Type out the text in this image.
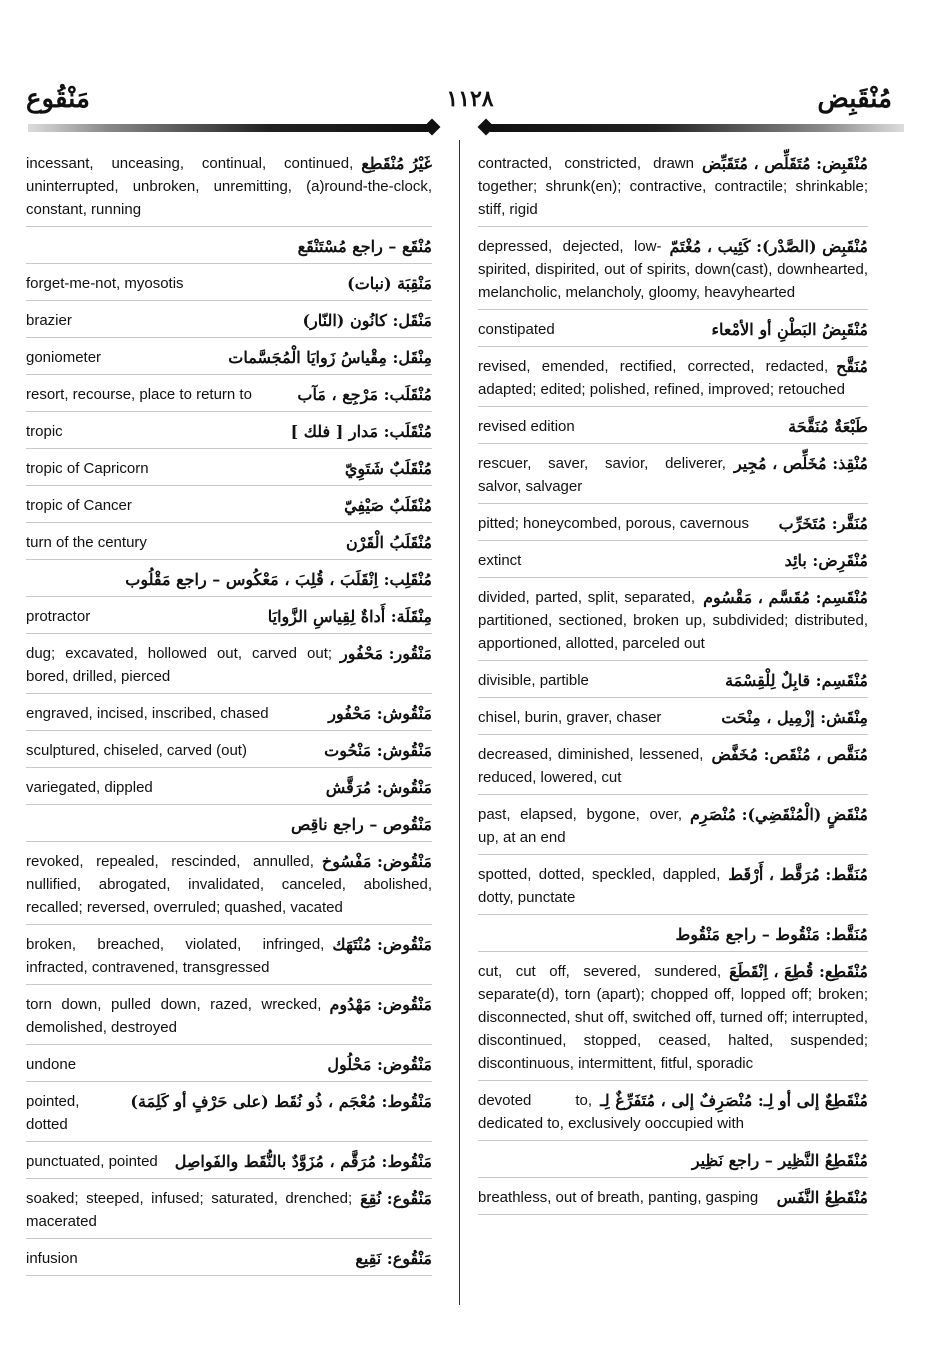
مَنْقُوع	١١٢٨	مُنْقَبِض
غَيْرُ مُنْقَطِع
incessant, unceasing, continual, continued, uninterrupted, unbroken, unremitting, (a)round-the-clock, constant, running
مُنْقَع – راجع مُسْتَنْقَع
مَنْقِبَة (نبات)
forget-me-not, myosotis
مَنْقَل: كانُون (النّار)
brazier
مِنْقَل: مِقْياسُ زَوايَا الْمُجَسَّمات
goniometer
مُنْقَلَب: مَرْجِع ، مَآب
resort, recourse, place to return to
مُنْقَلَب: مَدار [ فلك ]
tropic
مُنْقَلَبٌ شَتَوِيّ
tropic of Capricorn
مُنْقَلَبٌ صَيْفِيّ
tropic of Cancer
مُنْقَلَبُ الْقَرْن
turn of the century
مُنْقَلِب: اِنْقَلَبَ ، قُلِبَ ، مَعْكُوس – راجع مَقْلُوب
مِنْقَلَة: أَداةٌ لِقِياسِ الزَّوايَا
protractor
مَنْقُور: مَحْفُور
dug; excavated, hollowed out, carved out; bored, drilled, pierced
مَنْقُوش: مَحْفُور
engraved, incised, inscribed, chased
مَنْقُوش: مَنْحُوت
sculptured, chiseled, carved (out)
مَنْقُوش: مُرَقَّش
variegated, dippled
مَنْقُوص – راجع ناقِص
مَنْقُوض: مَفْسُوخ
revoked, repealed, rescinded, annulled, nullified, abrogated, invalidated, canceled, abolished, recalled; reversed, overruled; quashed, vacated
مَنْقُوض: مُنْتَهَك
broken, breached, violated, infringed, infracted, contravened, transgressed
مَنْقُوض: مَهْدُوم
torn down, pulled down, razed, wrecked, demolished, destroyed
مَنْقُوض: مَحْلُول
undone
مَنْقُوط: مُعْجَم ، ذُو نُقَط (على حَرْفٍ أو كَلِمَة)
pointed, dotted
مَنْقُوط: مُرَقَّم ، مُزَوَّدٌ بالنُّقَط والفَواصِل
punctuated, pointed
مَنْقُوع: نُقِعَ
soaked; steeped, infused; saturated, drenched; macerated
مَنْقُوع: نَقِيع
infusion
مُنْقَبِض: مُتَقَلِّص ، مُتَقَبِّض
contracted, constricted, drawn together; shrunk(en); contractive, contractile; shrinkable; stiff, rigid
مُنْقَبِض (الصَّدْر): كَئِيب ، مُغْتَمّ
depressed, dejected, low-spirited, dispirited, out of spirits, down(cast), downhearted, melancholic, melancholy, gloomy, heavyhearted
مُنْقَبِضُ البَطْنِ أو الأمْعاء
constipated
مُنَقَّح
revised, emended, rectified, corrected, redacted, adapted; edited; polished, refined, improved; retouched
طَبْعَةٌ مُنَقَّحَة
revised edition
مُنْقِذ: مُخَلِّص ، مُجِير
rescuer, saver, savior, deliverer, salvor, salvager
مُنَقَّر: مُتَخَرِّب
pitted; honeycombed, porous, cavernous
مُنْقَرِض: بائِد
extinct
مُنْقَسِم: مُقَسَّم ، مَقْسُوم
divided, parted, split, separated, partitioned, sectioned, broken up, subdivided; distributed, apportioned, allotted, parceled out
مُنْقَسِم: قابِلٌ لِلْقِسْمَة
divisible, partible
مِنْقَش: إزْمِيل ، مِنْحَت
chisel, burin, graver, chaser
مُنَقَّص ، مُنْقَص: مُخَفَّض
decreased, diminished, lessened, reduced, lowered, cut
مُنْقَضٍ (الْمُنْقَضِي): مُنْصَرِم
past, elapsed, bygone, over, up, at an end
مُنَقَّط: مُرَقَّط ، أَرْقَط
spotted, dotted, speckled, dappled, dotty, punctate
مُنَقَّط: مَنْقُوط – راجع مَنْقُوط
مُنْقَطِع: قُطِعَ ، اِنْقَطَعَ
cut, cut off, severed, sundered, separate(d), torn (apart); chopped off, lopped off; broken; disconnected, shut off, switched off, turned off; interrupted, discontinued, stopped, ceased, halted, suspended; discontinuous, intermittent, fitful, sporadic
مُنْقَطِعٌ إلى أو لِـ: مُنْصَرِفٌ إلى ، مُتَفَرِّغٌ لِـ
devoted to, dedicated to, exclusively ooccupied with
مُنْقَطِعُ النَّظِير – راجع نَظِير
مُنْقَطِعُ النَّفَس
breathless, out of breath, panting, gasping
